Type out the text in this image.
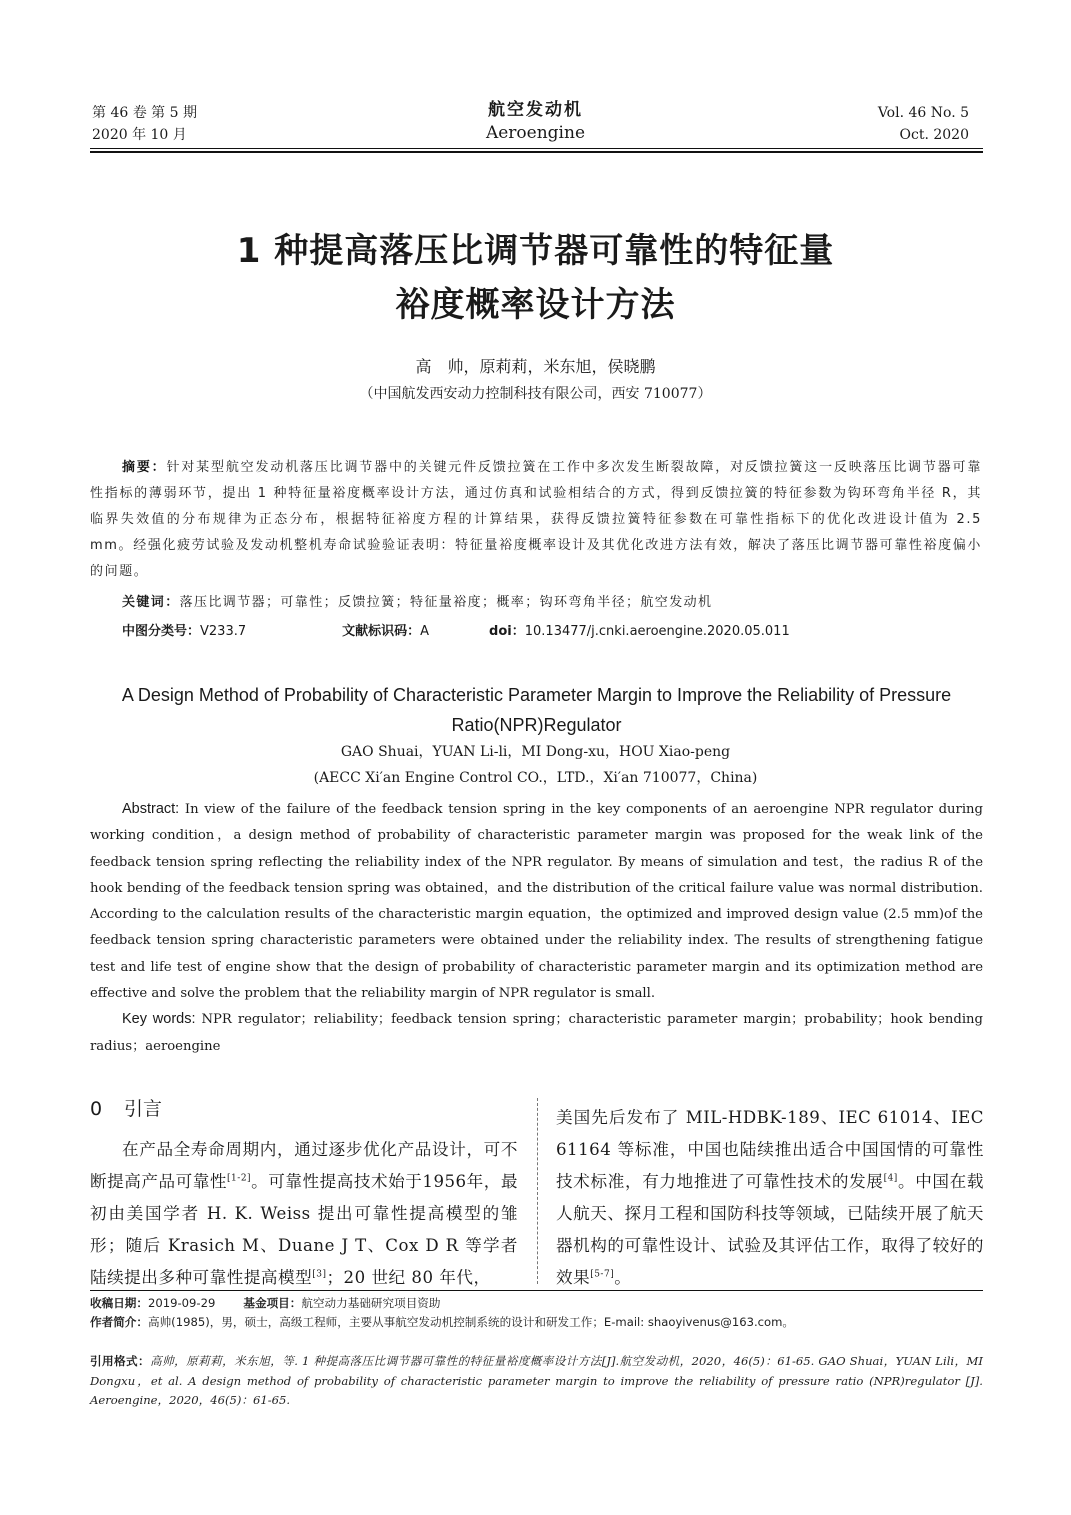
第 46 卷 第 5 期
2020 年 10 月
航空发动机
Aeroengine
Vol. 46 No. 5
Oct. 2020
1 种提高落压比调节器可靠性的特征量
裕度概率设计方法
高　帅，原莉莉，米东旭，侯晓鹏
（中国航发西安动力控制科技有限公司，西安 710077）
摘要：针对某型航空发动机落压比调节器中的关键元件反馈拉簧在工作中多次发生断裂故障，对反馈拉簧这一反映落压比调节器可靠性指标的薄弱环节，提出 1 种特征量裕度概率设计方法，通过仿真和试验相结合的方式，得到反馈拉簧的特征参数为钩环弯角半径 R，其临界失效值的分布规律为正态分布，根据特征裕度方程的计算结果，获得反馈拉簧特征参数在可靠性指标下的优化改进设计值为 2.5 mm。经强化疲劳试验及发动机整机寿命试验验证表明：特征量裕度概率设计及其优化改进方法有效，解决了落压比调节器可靠性裕度偏小的问题。
关键词：落压比调节器；可靠性；反馈拉簧；特征量裕度；概率；钩环弯角半径；航空发动机
中图分类号：V233.7	文献标识码：A	doi：10.13477/j.cnki.aeroengine.2020.05.011
A Design Method of Probability of Characteristic Parameter Margin to Improve the Reliability of Pressure
Ratio(NPR)Regulator
GAO Shuai，YUAN Li-li，MI Dong-xu，HOU Xiao-peng
(AECC Xi′an Engine Control CO.，LTD.，Xi′an 710077，China)
Abstract: In view of the failure of the feedback tension spring in the key components of an aeroengine NPR regulator during working condition，a design method of probability of characteristic parameter margin was proposed for the weak link of the feedback tension spring reflecting the reliability index of the NPR regulator. By means of simulation and test，the radius R of the hook bending of the feedback tension spring was obtained，and the distribution of the critical failure value was normal distribution. According to the calculation results of the characteristic margin equation，the optimized and improved design value (2.5 mm)of the feedback tension spring characteristic parameters were obtained under the reliability index. The results of strengthening fatigue test and life test of engine show that the design of probability of characteristic parameter margin and its optimization method are effective and solve the problem that the reliability margin of NPR regulator is small.
Key words: NPR regulator；reliability；feedback tension spring；characteristic parameter margin；probability；hook bending radius；aeroengine
0 引言
在产品全寿命周期内，通过逐步优化产品设计，可不断提高产品可靠性[1-2]。可靠性提高技术始于1956年，最初由美国学者 H. K. Weiss 提出可靠性提高模型的雏形；随后 Krasich M、Duane J T、Cox D R 等学者陆续提出多种可靠性提高模型[3]；20 世纪 80 年代，
美国先后发布了 MIL-HDBK-189、IEC 61014、IEC 61164 等标准，中国也陆续推出适合中国国情的可靠性技术标准，有力地推进了可靠性技术的发展[4]。中国在载人航天、探月工程和国防科技等领域，已陆续开展了航天器机构的可靠性设计、试验及其评估工作，取得了较好的效果[5-7]。
收稿日期：2019-09-29 基金项目：航空动力基础研究项目资助
作者简介：高帅(1985)，男，硕士，高级工程师，主要从事航空发动机控制系统的设计和研发工作；E-mail: shaoyivenus@163.com。
引用格式：高帅，原莉莉，米东旭，等. 1 种提高落压比调节器可靠性的特征量裕度概率设计方法[J].航空发动机，2020，46(5)：61-65. GAO Shuai，YUAN Lili，MI Dongxu，et al. A design method of probability of characteristic parameter margin to improve the reliability of pressure ratio (NPR)regulator [J]. Aeroengine，2020，46(5)：61-65.
